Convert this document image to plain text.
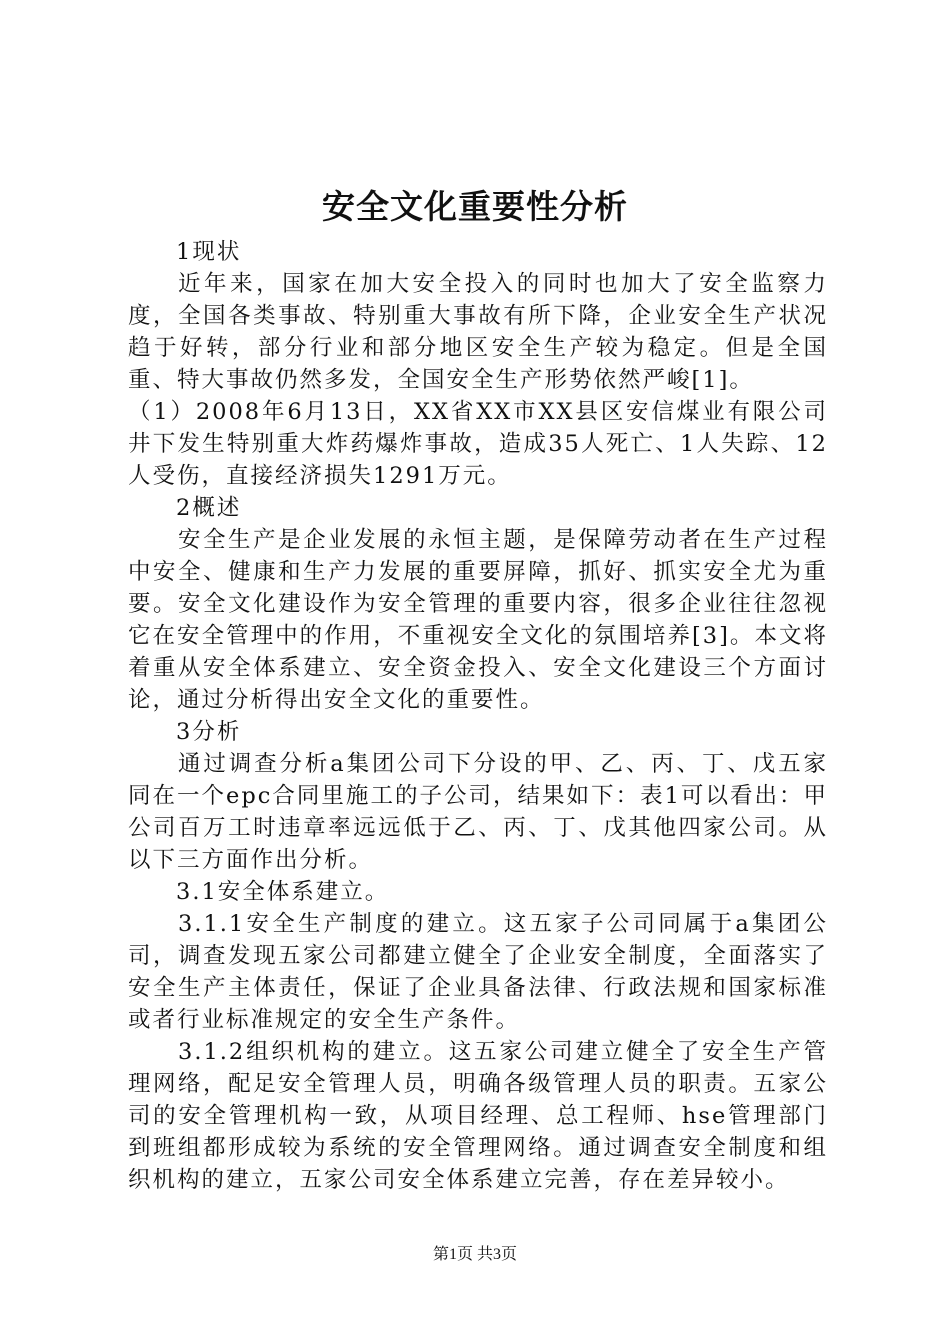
安全文化重要性分析

1现状

近年来，国家在加大安全投入的同时也加大了安全监察力度，全国各类事故、特别重大事故有所下降，企业安全生产状况趋于好转，部分行业和部分地区安全生产较为稳定。但是全国重、特大事故仍然多发，全国安全生产形势依然严峻[1]。

（1）2008年6月13日，XX省XX市XX县区安信煤业有限公司井下发生特别重大炸药爆炸事故，造成35人死亡、1人失踪、12人受伤，直接经济损失1291万元。

2概述

安全生产是企业发展的永恒主题，是保障劳动者在生产过程中安全、健康和生产力发展的重要屏障，抓好、抓实安全尤为重要。安全文化建设作为安全管理的重要内容，很多企业往往忽视它在安全管理中的作用，不重视安全文化的氛围培养[3]。本文将着重从安全体系建立、安全资金投入、安全文化建设三个方面讨论，通过分析得出安全文化的重要性。

3分析

通过调查分析a集团公司下分设的甲、乙、丙、丁、戊五家同在一个epc合同里施工的子公司，结果如下：表1可以看出：甲公司百万工时违章率远远低于乙、丙、丁、戊其他四家公司。从以下三方面作出分析。

3.1安全体系建立。

3.1.1安全生产制度的建立。这五家子公司同属于a集团公司，调查发现五家公司都建立健全了企业安全制度，全面落实了安全生产主体责任，保证了企业具备法律、行政法规和国家标准或者行业标准规定的安全生产条件。

3.1.2组织机构的建立。这五家公司建立健全了安全生产管理网络，配足安全管理人员，明确各级管理人员的职责。五家公司的安全管理机构一致，从项目经理、总工程师、hse管理部门到班组都形成较为系统的安全管理网络。通过调查安全制度和组织机构的建立，五家公司安全体系建立完善，存在差异较小。

第1页 共3页
